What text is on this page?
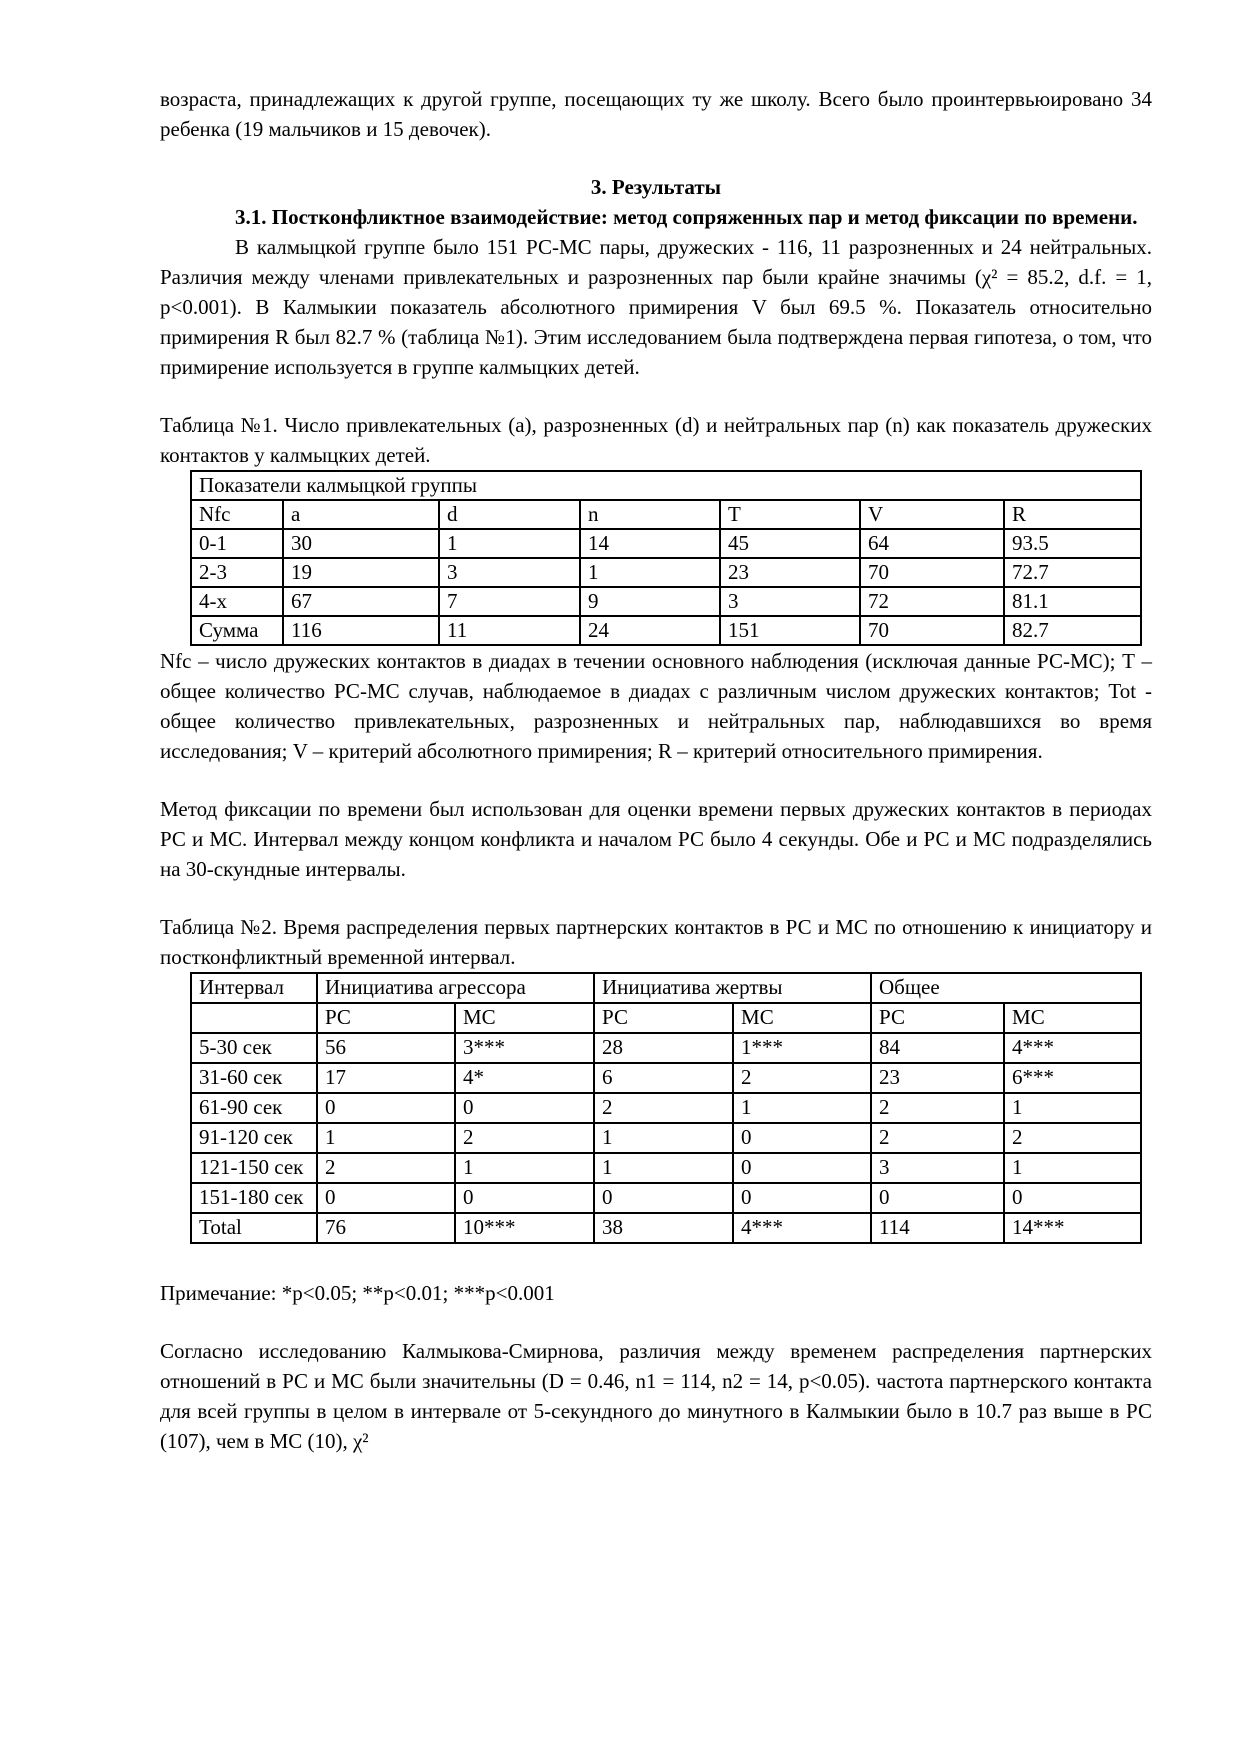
возраста, принадлежащих к другой группе, посещающих ту же школу. Всего было проинтервьюировано 34 ребенка (19 мальчиков и 15 девочек).

3. Результаты

3.1. Постконфликтное взаимодействие: метод сопряженных пар и метод фиксации по времени.

В калмыцкой группе было 151 РС-МС пары, дружеских - 116, 11 разрозненных и 24 нейтральных. Различия между членами привлекательных и разрозненных пар были крайне значимы (χ² = 85.2, d.f. = 1, p<0.001). В Калмыкии показатель абсолютного примирения V был 69.5 %. Показатель относительно примирения R был 82.7 % (таблица №1). Этим исследованием была подтверждена первая гипотеза, о том, что примирение используется в группе калмыцких детей.

Таблица №1. Число привлекательных (a), разрозненных (d) и нейтральных пар (n) как показатель дружеских контактов у калмыцких детей.

Показатели калмыцкой группы						
Nfc	a	d	n	T	V	R
0-1	30	1	14	45	64	93.5
2-3	19	3	1	23	70	72.7
4-х	67	7	9	3	72	81.1
Сумма	116	11	24	151	70	82.7

Nfc – число дружеских контактов в диадах в течении основного наблюдения (исключая данные РС-МС); Т – общее количество РС-МС случав, наблюдаемое в диадах с различным числом дружеских контактов; Tot - общее количество привлекательных, разрозненных и нейтральных пар, наблюдавшихся во время исследования; V – критерий абсолютного примирения; R – критерий относительного примирения.

Метод фиксации по времени был использован для оценки времени первых дружеских контактов в периодах РС и МС. Интервал между концом конфликта и началом РС было 4 секунды. Обе и РС и МС подразделялись на 30-скундные интервалы.

Таблица №2. Время распределения первых партнерских контактов в РС и МС по отношению к инициатору и постконфликтный временной интервал.

Интервал	Инициатива агрессора		Инициатива жертвы		Общее	
	РС	МС	РС	МС	РС	МС
5-30 сек	56	3***	28	1***	84	4***
31-60 сек	17	4*	6	2	23	6***
61-90 сек	0	0	2	1	2	1
91-120 сек	1	2	1	0	2	2
121-150 сек	2	1	1	0	3	1
151-180 сек	0	0	0	0	0	0
Total	76	10***	38	4***	114	14***

Примечание: *p<0.05; **p<0.01; ***p<0.001

Согласно исследованию Калмыкова-Смирнова, различия между временем распределения партнерских отношений в РС и МС были значительны (D = 0.46, n1 = 114, n2 = 14, p<0.05). частота партнерского контакта для всей группы в целом в интервале от 5-секундного до минутного в Калмыкии было в 10.7 раз выше в РС (107), чем в МС (10), χ²
